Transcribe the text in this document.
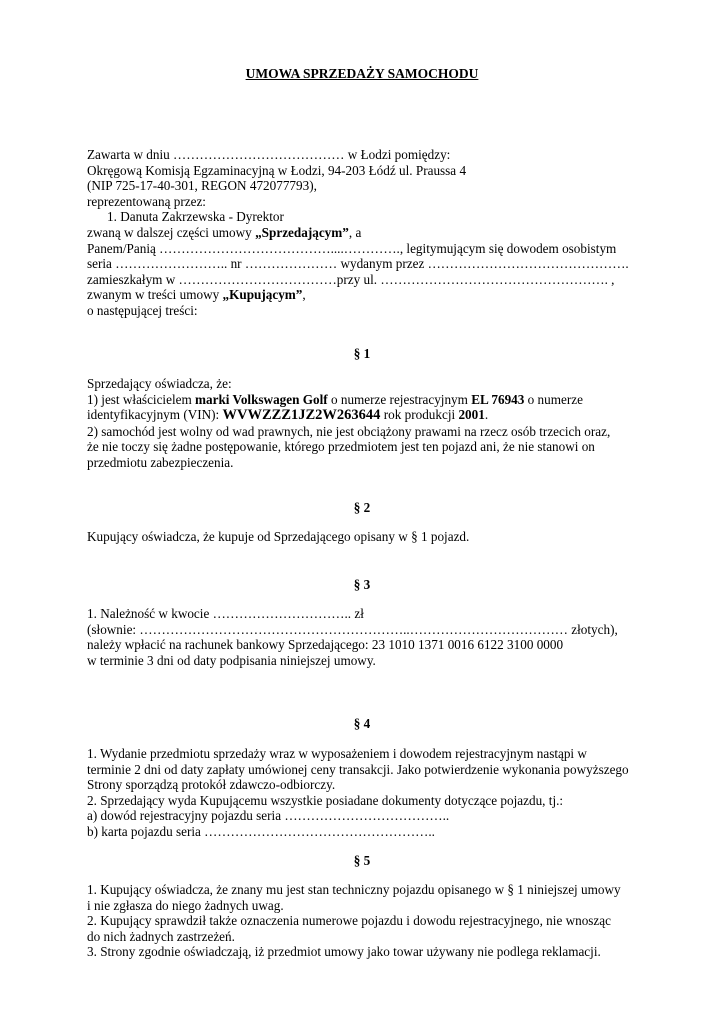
UMOWA SPRZEDAŻY SAMOCHODU
Zawarta w dniu ………………………………… w Łodzi pomiędzy:
Okręgową Komisją Egzaminacyjną w Łodzi, 94-203 Łódź ul. Praussa 4
(NIP 725-17-40-301, REGON 472077793),
reprezentowaną przez:
1. Danuta Zakrzewska - Dyrektor
zwaną w dalszej części umowy „Sprzedającym”, a
Panem/Panią …………………………………....…………., legitymującym się dowodem osobistym
seria …………………….. nr ………………… wydanym przez ……………………………………….
zamieszkałym w ………………………………przy ul. ……………………………………………. ,
zwanym w treści umowy „Kupującym”,
o następującej treści:
§ 1
Sprzedający oświadcza, że:
1) jest właścicielem marki Volkswagen Golf o numerze rejestracyjnym EL 76943 o numerze
identyfikacyjnym (VIN): WVWZZZ1JZ2W263644 rok produkcji 2001.
2) samochód jest wolny od wad prawnych, nie jest obciążony prawami na rzecz osób trzecich oraz,
że nie toczy się żadne postępowanie, którego przedmiotem jest ten pojazd ani, że nie stanowi on
przedmiotu zabezpieczenia.
§ 2
Kupujący oświadcza, że kupuje od Sprzedającego opisany w § 1 pojazd.
§ 3
1. Należność w kwocie ………………………….. zł
(słownie: ……………………………………………………..……………………………… złotych),
należy wpłacić na rachunek bankowy Sprzedającego: 23 1010 1371 0016 6122 3100 0000
w terminie 3 dni od daty podpisania niniejszej umowy.
§ 4
1. Wydanie przedmiotu sprzedaży wraz w wyposażeniem i dowodem rejestracyjnym nastąpi w
terminie 2 dni od daty zapłaty umówionej ceny transakcji. Jako potwierdzenie wykonania powyższego
Strony sporządzą protokół zdawczo-odbiorczy.
2. Sprzedający wyda Kupującemu wszystkie posiadane dokumenty dotyczące pojazdu, tj.:
a) dowód rejestracyjny pojazdu seria ………………………………..
b) karta pojazdu seria ……………………………………………..
§ 5
1. Kupujący oświadcza, że znany mu jest stan techniczny pojazdu opisanego w § 1 niniejszej umowy
i nie zgłasza do niego żadnych uwag.
2. Kupujący sprawdził także oznaczenia numerowe pojazdu i dowodu rejestracyjnego, nie wnosząc
do nich żadnych zastrzeżeń.
3. Strony zgodnie oświadczają, iż przedmiot umowy jako towar używany nie podlega reklamacji.
